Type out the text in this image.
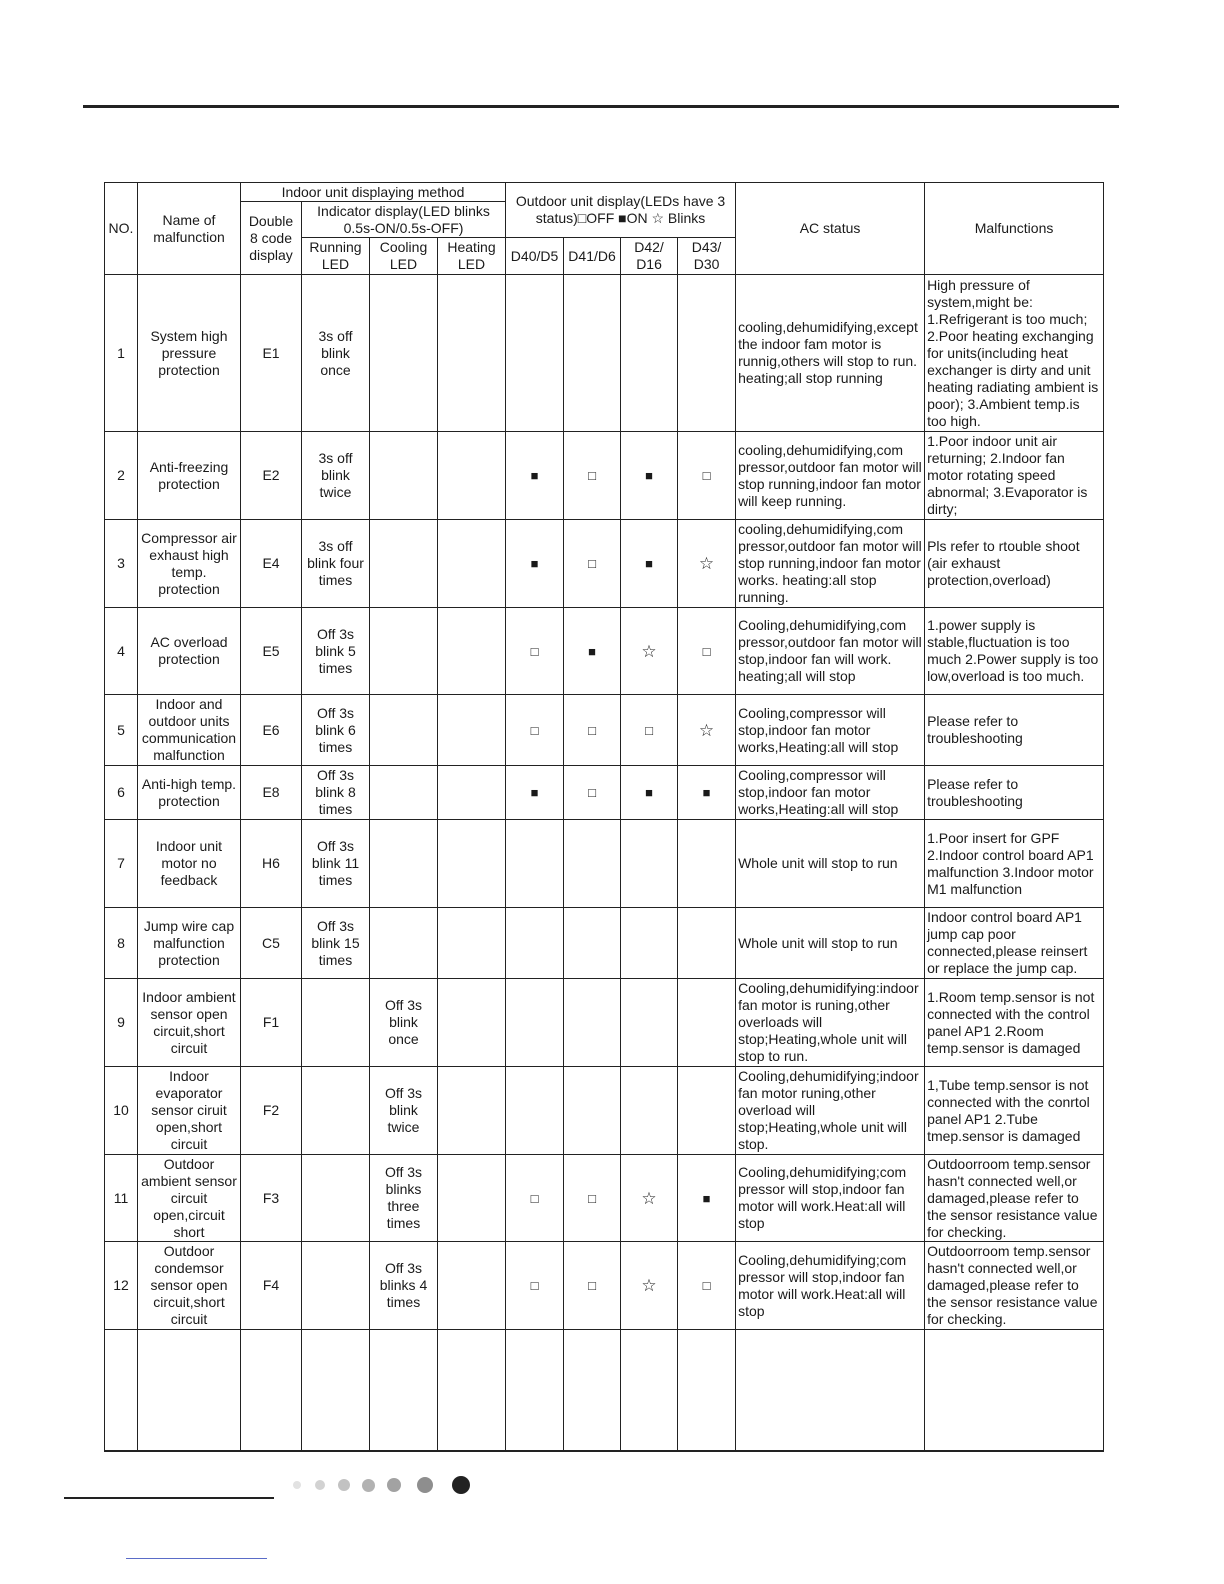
NO.	Name of malfunction	Indoor unit displaying method				Outdoor unit display(LEDs have 3 status)□OFF ■ON ☆ Blinks				AC status	Malfunctions
		Double 8 code display	Indicator display(LED blinks 0.5s-ON/0.5s-OFF)								
			Running LED	Cooling LED	Heating LED	D40/D5	D41/D6	D42/ D16	D43/ D30		
1	System high pressure protection	E1	3s off blink once							cooling,dehumidifying,except the indoor fam motor is runnig,others will stop to run. heating;all stop running	High pressure of system,might be: 1.Refrigerant is too much; 2.Poor heating exchanging for units(including heat exchanger is dirty and unit heating radiating ambient is poor); 3.Ambient temp.is too high.
2	Anti-freezing protection	E2	3s off blink twice			■	□	■	□	cooling,dehumidifying,com pressor,outdoor fan motor will stop running,indoor fan motor will keep running.	1.Poor indoor unit air returning; 2.Indoor fan motor rotating speed abnormal; 3.Evaporator is dirty;
3	Compressor air exhaust high temp. protection	E4	3s off blink four times			■	□	■	☆	cooling,dehumidifying,com pressor,outdoor fan motor will stop running,indoor fan motor works. heating:all stop running.	Pls refer to rtouble shoot (air exhaust protection,overload)
4	AC overload protection	E5	Off 3s blink 5 times			□	■	☆	□	Cooling,dehumidifying,com pressor,outdoor fan motor will stop,indoor fan will work. heating;all will stop	1.power supply is stable,fluctuation is too much 2.Power supply is too low,overload is too much.
5	Indoor and outdoor units communication malfunction	E6	Off 3s blink 6 times			□	□	□	☆	Cooling,compressor will stop,indoor fan motor works,Heating:all will stop	Please refer to troubleshooting
6	Anti-high temp. protection	E8	Off 3s blink 8 times			■	□	■	■	Cooling,compressor will stop,indoor fan motor works,Heating:all will stop	Please refer to troubleshooting
7	Indoor unit motor no feedback	H6	Off 3s blink 11 times							Whole unit will stop to run	1.Poor insert for GPF 2.Indoor control board AP1 malfunction 3.Indoor motor M1 malfunction
8	Jump wire cap malfunction protection	C5	Off 3s blink 15 times							Whole unit will stop to run	Indoor control board AP1 jump cap poor connected,please reinsert or replace the jump cap.
9	Indoor ambient sensor open circuit,short circuit	F1		Off 3s blink once						Cooling,dehumidifying:indoor fan motor is runing,other overloads will stop;Heating,whole unit will stop to run.	1.Room temp.sensor is not connected with the control panel AP1 2.Room temp.sensor is damaged
10	Indoor evaporator sensor ciruit open,short circuit	F2		Off 3s blink twice						Cooling,dehumidifying;indoor fan motor runing,other overload will stop;Heating,whole unit will stop.	1,Tube temp.sensor is not connected with the conrtol panel AP1 2.Tube tmep.sensor is damaged
11	Outdoor ambient sensor circuit open,circuit short	F3		Off 3s blinks three times		□	□	☆	■	Cooling,dehumidifying;com pressor will stop,indoor fan motor will work.Heat:all will stop	Outdoorroom temp.sensor hasn't connected well,or damaged,please refer to the sensor resistance value for checking.
12	Outdoor condemsor sensor open circuit,short circuit	F4		Off 3s blinks 4 times		□	□	☆	□	Cooling,dehumidifying;com pressor will stop,indoor fan motor will work.Heat:all will stop	Outdoorroom temp.sensor hasn't connected well,or damaged,please refer to the sensor resistance value for checking.
